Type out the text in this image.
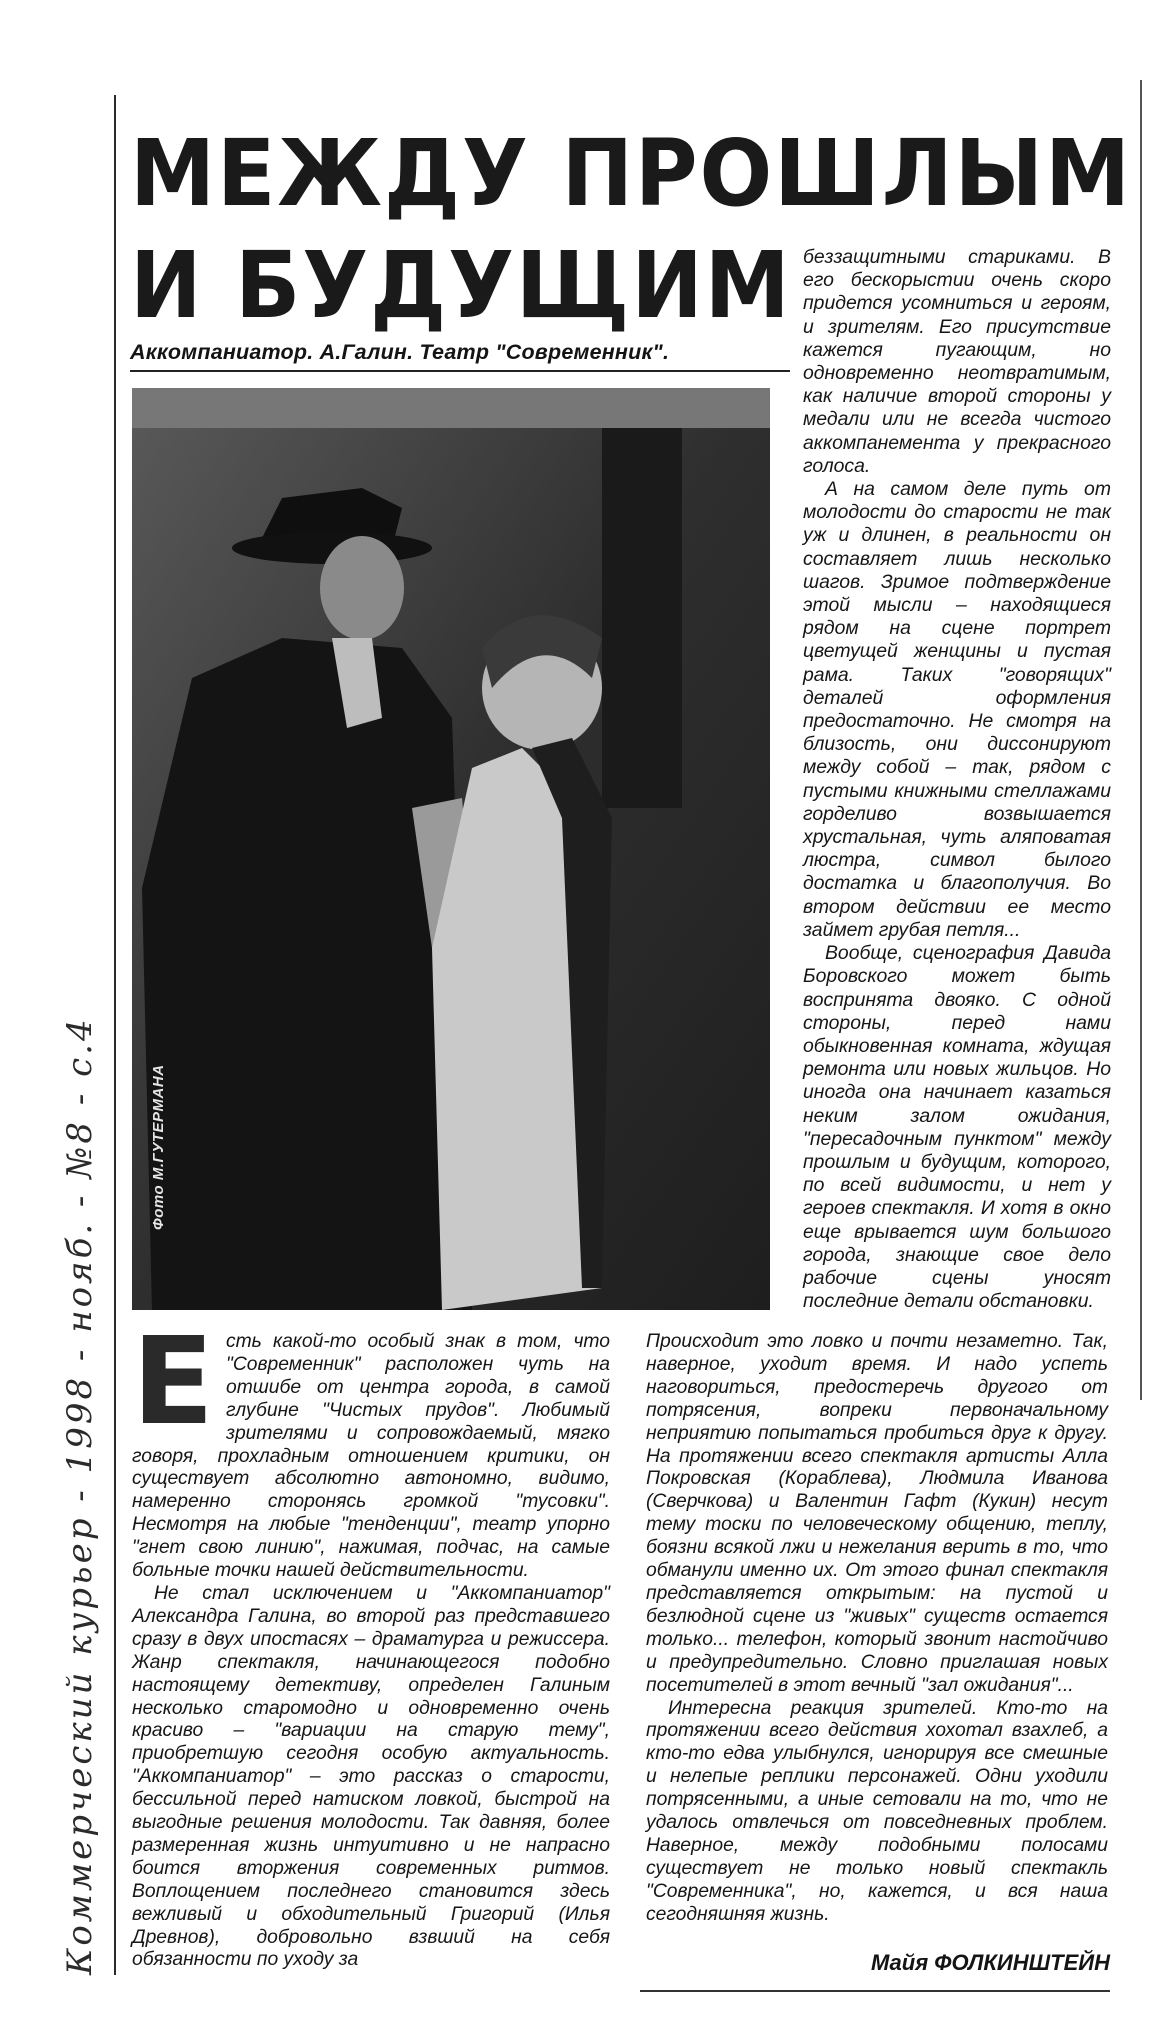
МЕЖДУ ПРОШЛЫМ
И БУДУЩИМ
Аккомпаниатор. А.Галин. Театр "Современник".
Фото М.ГУТЕРМАНА

беззащитными стариками. В его бескорыстии очень скоро придется усомниться и героям, и зрителям. Его присутствие кажется пугающим, но одновременно неотвратимым, как наличие второй стороны у медали или не всегда чистого аккомпанемента у прекрасного голоса.

А на самом деле путь от молодости до старости не так уж и длинен, в реальности он составляет лишь несколько шагов. Зримое подтверждение этой мысли – находящиеся рядом на сцене портрет цветущей женщины и пустая рама. Таких "говорящих" деталей оформления предостаточно. Не смотря на близость, они диссонируют между собой – так, рядом с пустыми книжными стеллажами горделиво возвышается хрустальная, чуть аляповатая люстра, символ былого достатка и благополучия. Во втором действии ее место займет грубая петля...

Вообще, сценография Давида Боровского может быть воспринята двояко. С одной стороны, перед нами обыкновенная комната, ждущая ремонта или новых жильцов. Но иногда она начинает казаться неким залом ожидания, "пересадочным пунктом" между прошлым и будущим, которого, по всей видимости, и нет у героев спектакля. И хотя в окно еще врывается шум большого города, знающие свое дело рабочие сцены уносят последние детали обстановки.

Е сть какой-то особый знак в том, что "Современник" расположен чуть на отшибе от центра города, в самой глубине "Чистых прудов". Любимый зрителями и сопровождаемый, мягко говоря, прохладным отношением критики, он существует абсолютно автономно, видимо, намеренно сторонясь громкой "тусовки". Несмотря на любые "тенденции", театр упорно "гнет свою линию", нажимая, подчас, на самые больные точки нашей действительности.

Не стал исключением и "Аккомпаниатор" Александра Галина, во второй раз представшего сразу в двух ипостасях – драматурга и режиссера. Жанр спектакля, начинающегося подобно настоящему детективу, определен Галиным несколько старомодно и одновременно очень красиво – "вариации на старую тему", приобретшую сегодня особую актуальность. "Аккомпаниатор" – это рассказ о старости, бессильной перед натиском ловкой, быстрой на выгодные решения молодости. Так давняя, более размеренная жизнь интуитивно и не напрасно боится вторжения современных ритмов. Воплощением последнего становится здесь вежливый и обходительный Григорий (Илья Древнов), добровольно взвший на себя обязанности по уходу за

Происходит это ловко и почти незаметно. Так, наверное, уходит время. И надо успеть наговориться, предостеречь другого от потрясения, вопреки первоначальному неприятию попытаться пробиться друг к другу. На протяжении всего спектакля артисты Алла Покровская (Кораблева), Людмила Иванова (Сверчкова) и Валентин Гафт (Кукин) несут тему тоски по человеческому общению, теплу, боязни всякой лжи и нежелания верить в то, что обманули именно их. От этого финал спектакля представляется открытым: на пустой и безлюдной сцене из "живых" существ остается только... телефон, который звонит настойчиво и предупредительно. Словно приглашая новых посетителей в этот вечный "зал ожидания"...

Интересна реакция зрителей. Кто-то на протяжении всего действия хохотал взахлеб, а кто-то едва улыбнулся, игнорируя все смешные и нелепые реплики персонажей. Одни уходили потрясенными, а иные сетовали на то, что не удалось отвлечься от повседневных проблем. Наверное, между подобными полосами существует не только новый спектакль "Современника", но, кажется, и вся наша сегодняшняя жизнь.

Майя ФОЛКИНШТЕЙН
Коммерческий курьер - 1998 - нояб. - №8 - с.4
